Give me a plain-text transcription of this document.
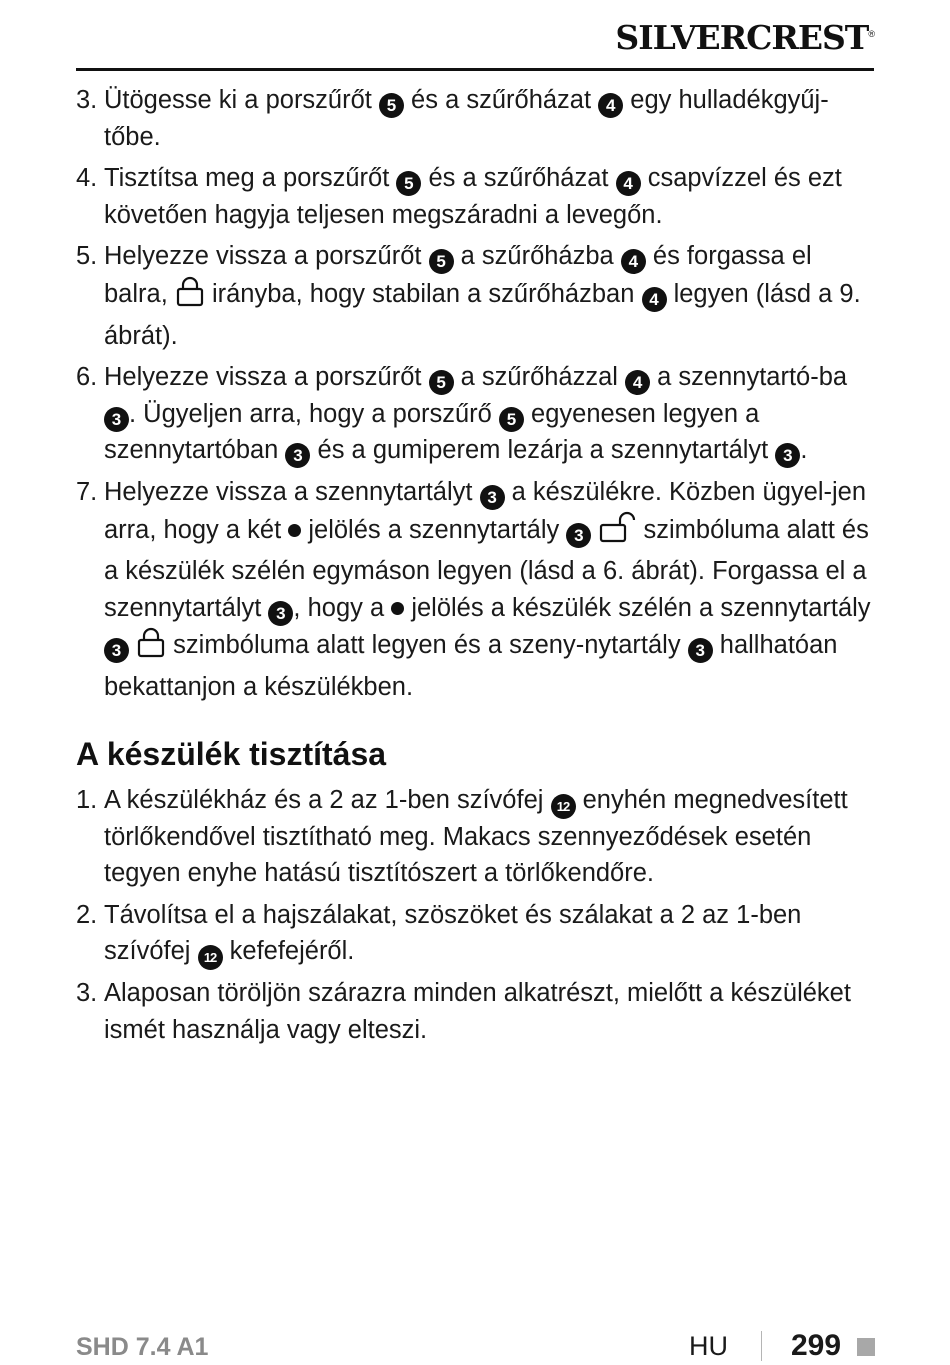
SILVERCREST®
3. Ütögesse ki a porszűrőt 5 és a szűrőházat 4 egy hulladékgyűj-tőbe.
4. Tisztítsa meg a porszűrőt 5 és a szűrőházat 4 csapvízzel és ezt követően hagyja teljesen megszáradni a levegőn.
5. Helyezze vissza a porszűrőt 5 a szűrőházba 4 és forgassa el balra,  irányba, hogy stabilan a szűrőházban 4 legyen (lásd a 9. ábrát).
6. Helyezze vissza a porszűrőt 5 a szűrőházzal 4 a szennytartó-ba 3 . Ügyeljen arra, hogy a porszűrő 5 egyenesen legyen a szennytartóban 3 és a gumiperem lezárja a szennytartályt 3 .
7. Helyezze vissza a szennytartályt 3 a készülékre. Közben ügyel-jen arra, hogy a két  jelölés a szennytartály 3  szimbóluma alatt és a készülék szélén egymáson legyen (lásd a 6. ábrát). Forgassa el a szennytartályt 3 , hogy a  jelölés a készülék szélén a szennytartály 3  szimbóluma alatt legyen és a szeny-nytartály 3 hallhatóan bekattanjon a készülékben.
A készülék tisztítása
1. A készülékház és a 2 az 1-ben szívófej 12 enyhén megnedvesített törlőkendővel tisztítható meg. Makacs szennyeződések esetén tegyen enyhe hatású tisztítószert a törlőkendőre.
2. Távolítsa el a hajszálakat, szöszöket és szálakat a 2 az 1-ben szívófej 12 kefefejéről.
3. Alaposan töröljön szárazra minden alkatrészt, mielőtt a készüléket ismét használja vagy elteszi.
SHD 7.4 A1	HU 299
